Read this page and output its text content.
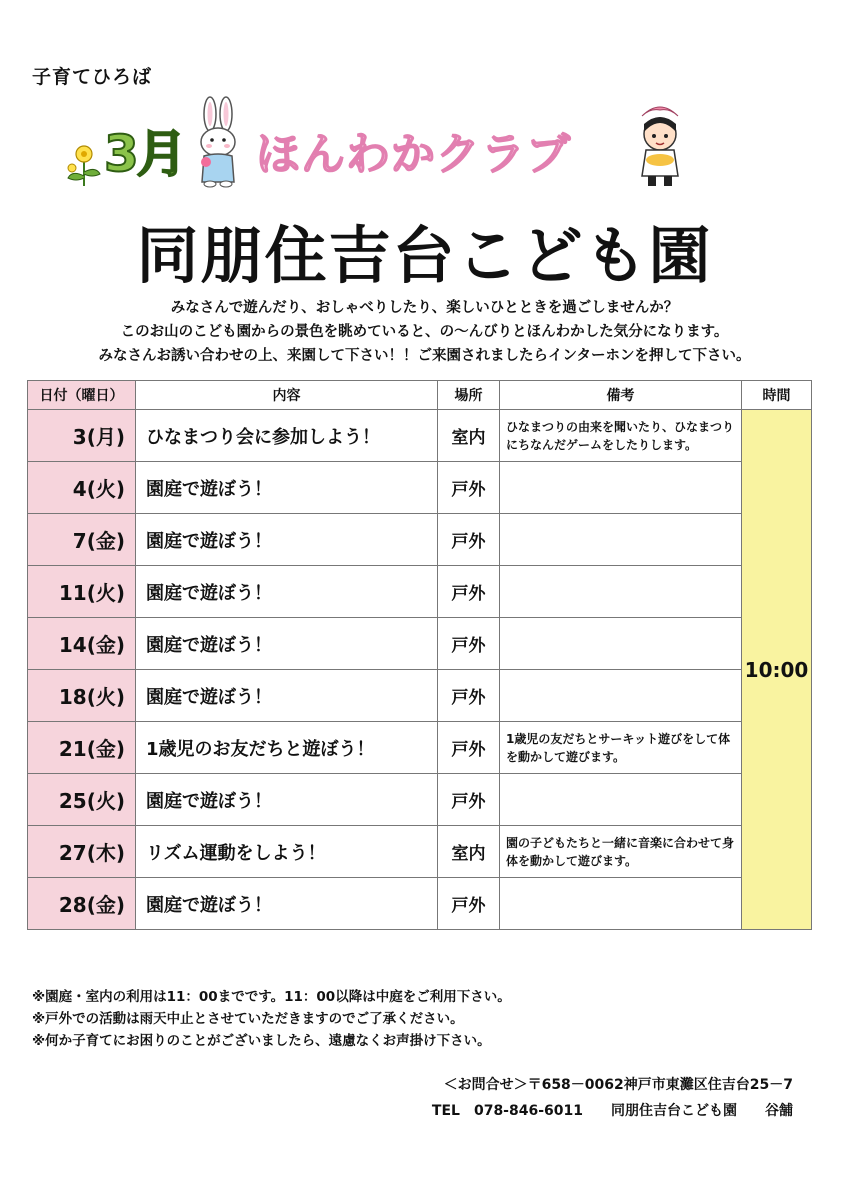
子育てひろば
3月 ほんわかクラブ
同朋住吉台こども園

みなさんで遊んだり、おしゃべりしたり、楽しいひとときを過ごしませんか？

このお山のこども園からの景色を眺めていると、の～んびりとほんわかした気分になります。

みなさんお誘い合わせの上、来園して下さい！！ご来園されましたらインターホンを押して下さい。

日付（曜日）	内容	場所	備考	時間
3(月)	ひなまつり会に参加しよう！	室内	ひなまつりの由来を聞いたり、ひなまつりにちなんだゲームをしたりします。	10:00
4(火)	園庭で遊ぼう！	戸外		
7(金)	園庭で遊ぼう！	戸外		
11(火)	園庭で遊ぼう！	戸外		
14(金)	園庭で遊ぼう！	戸外		
18(火)	園庭で遊ぼう！	戸外		
21(金)	1歳児のお友だちと遊ぼう！	戸外	1歳児の友だちとサーキット遊びをして体を動かして遊びます。	
25(火)	園庭で遊ぼう！	戸外		
27(木)	リズム運動をしよう！	室内	園の子どもたちと一緒に音楽に合わせて身体を動かして遊びます。	
28(金)	園庭で遊ぼう！	戸外		

※園庭・室内の利用は11：00までです。11：00以降は中庭をご利用下さい。

※戸外での活動は雨天中止とさせていただきますのでご了承ください。

※何か子育てにお困りのことがございましたら、遠慮なくお声掛け下さい。

＜お問合せ＞〒658－0062神戸市東灘区住吉台25－7

TEL　078-846-6011　　同朋住吉台こども園　　谷舗
